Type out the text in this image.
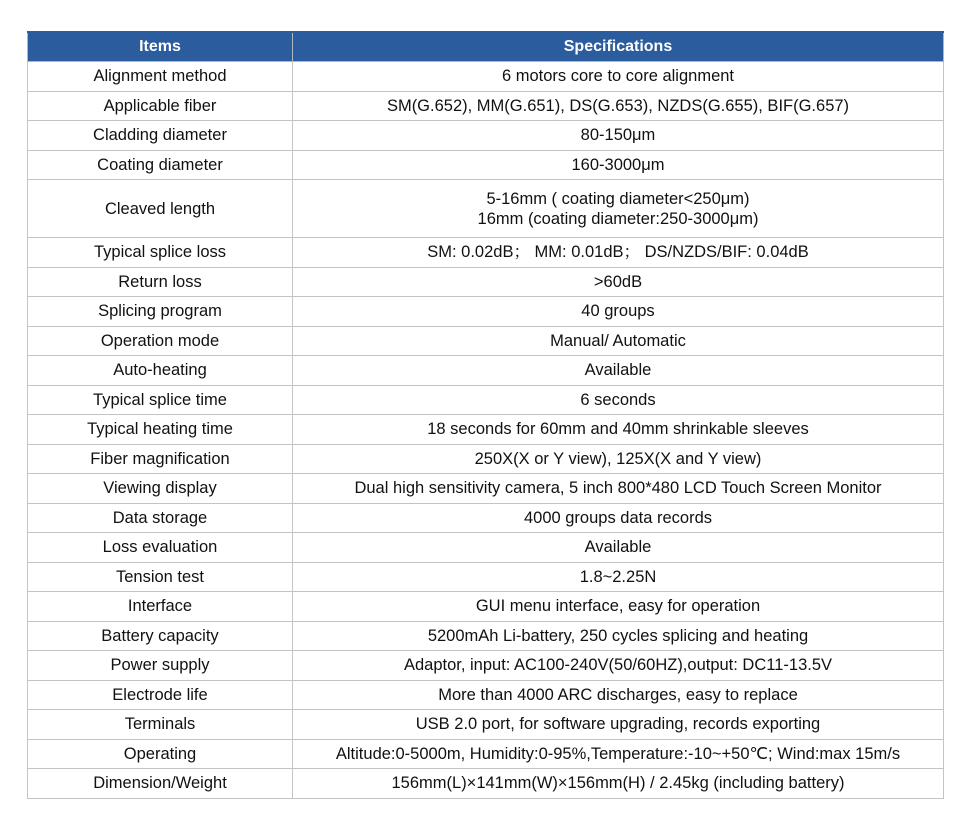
Items	Specifications
Alignment method	6 motors core to core alignment

Applicable fiber	SM(G.652), MM(G.651), DS(G.653), NZDS(G.655), BIF(G.657)

Cladding diameter	80-150μm

Coating diameter	160-3000μm

Cleaved length	5-16mm ( coating diameter<250μm)
16mm (coating diameter:250-3000μm)

Typical splice loss	SM: 0.02dB； MM: 0.01dB； DS/NZDS/BIF: 0.04dB

Return loss	>60dB

Splicing program	40 groups

Operation mode	Manual/ Automatic

Auto-heating	Available

Typical splice time	6 seconds

Typical heating time	18 seconds for 60mm and 40mm shrinkable sleeves

Fiber magnification	250X(X or Y view), 125X(X and Y view)

Viewing display	Dual high sensitivity camera, 5 inch 800*480 LCD Touch Screen Monitor

Data storage	4000 groups data records

Loss evaluation	Available

Tension test	1.8~2.25N

Interface	GUI menu interface, easy for operation

Battery capacity	5200mAh Li-battery, 250 cycles splicing and heating

Power supply	Adaptor, input: AC100-240V(50/60HZ),output: DC11-13.5V

Electrode life	More than 4000 ARC discharges, easy to replace

Terminals	USB 2.0 port, for software upgrading, records exporting

Operating	Altitude:0-5000m, Humidity:0-95%,Temperature:-10~+50℃; Wind:max 15m/s

Dimension/Weight	156mm(L)×141mm(W)×156mm(H) / 2.45kg (including battery)
